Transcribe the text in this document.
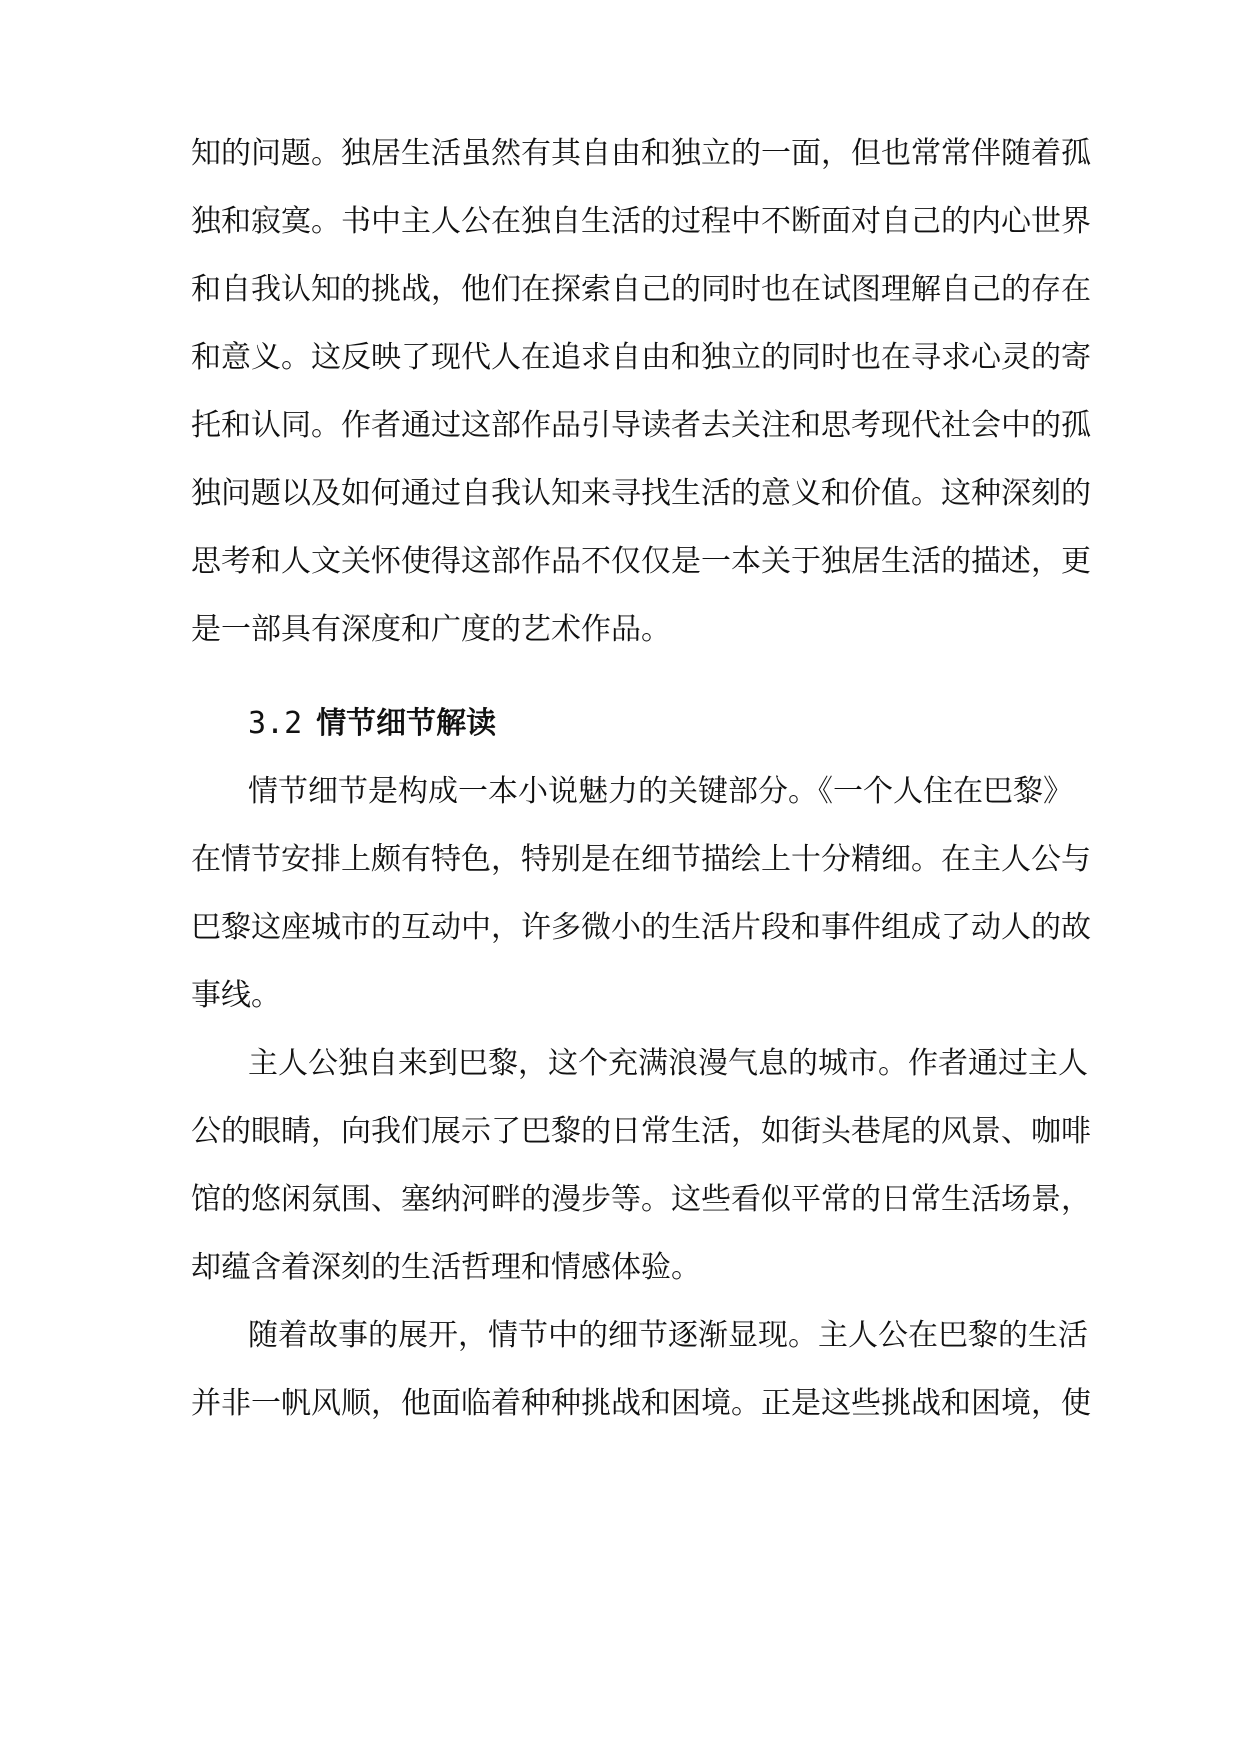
知的问题。独居生活虽然有其自由和独立的一面，但也常常伴随着孤
独和寂寞。书中主人公在独自生活的过程中不断面对自己的内心世界
和自我认知的挑战，他们在探索自己的同时也在试图理解自己的存在
和意义。这反映了现代人在追求自由和独立的同时也在寻求心灵的寄
托和认同。作者通过这部作品引导读者去关注和思考现代社会中的孤
独问题以及如何通过自我认知来寻找生活的意义和价值。这种深刻的
思考和人文关怀使得这部作品不仅仅是一本关于独居生活的描述，更
是一部具有深度和广度的艺术作品。
3.2 情节细节解读
情节细节是构成一本小说魅力的关键部分。《一个人住在巴黎》
在情节安排上颇有特色，特别是在细节描绘上十分精细。在主人公与
巴黎这座城市的互动中，许多微小的生活片段和事件组成了动人的故
事线。
主人公独自来到巴黎，这个充满浪漫气息的城市。作者通过主人
公的眼睛，向我们展示了巴黎的日常生活，如街头巷尾的风景、咖啡
馆的悠闲氛围、塞纳河畔的漫步等。这些看似平常的日常生活场景，
却蕴含着深刻的生活哲理和情感体验。
随着故事的展开，情节中的细节逐渐显现。主人公在巴黎的生活
并非一帆风顺，他面临着种种挑战和困境。正是这些挑战和困境，使
